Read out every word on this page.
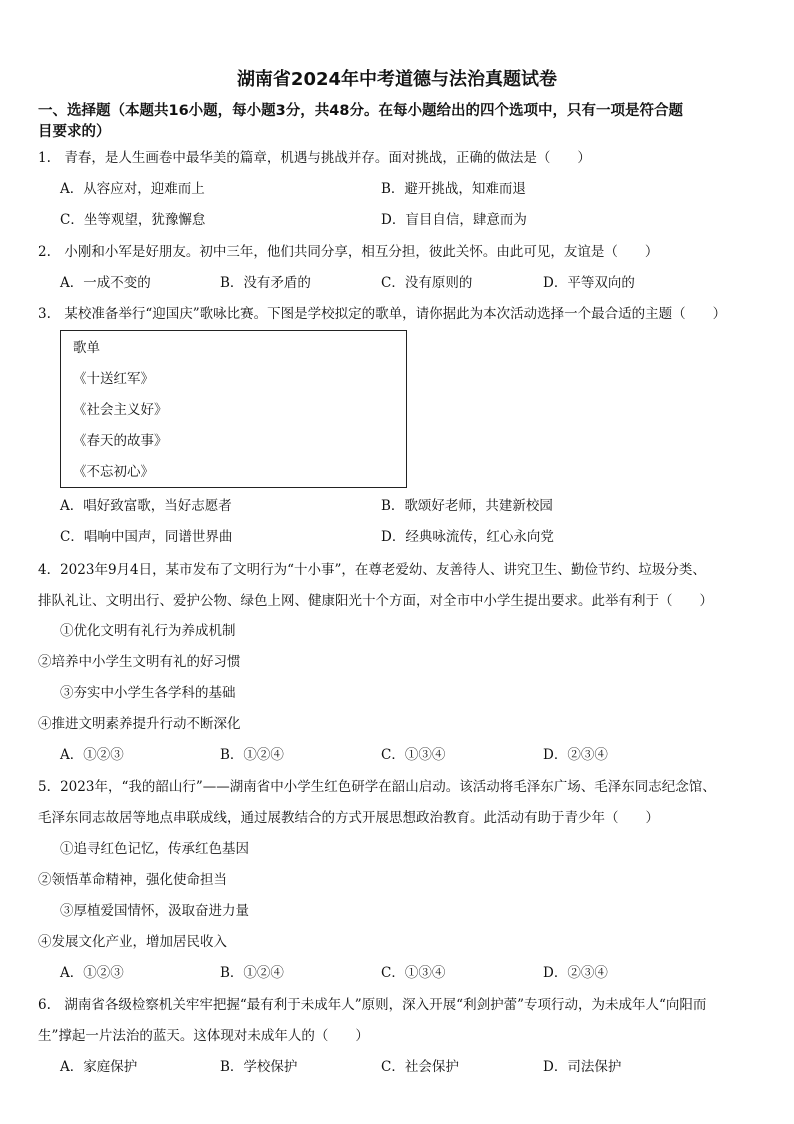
湖南省2024年中考道德与法治真题试卷
一、选择题（本题共16小题，每小题3分，共48分。在每小题给出的四个选项中，只有一项是符合题
目要求的）
1.　青春，是人生画卷中最华美的篇章，机遇与挑战并存。面对挑战，正确的做法是（　　）
A．从容应对，迎难而上	B．避开挑战，知难而退
C．坐等观望，犹豫懈怠	D．盲目自信，肆意而为
2.　小刚和小军是好朋友。初中三年，他们共同分享，相互分担，彼此关怀。由此可见，友谊是（　　）
A．一成不变的	B．没有矛盾的	C．没有原则的	D．平等双向的
3.　某校准备举行“迎国庆”歌咏比赛。下图是学校拟定的歌单，请你据此为本次活动选择一个最合适的主题（　　）
歌单
《十送红军》
《社会主义好》
《春天的故事》
《不忘初心》
A．唱好致富歌，当好志愿者	B．歌颂好老师，共建新校园
C．唱响中国声，同谱世界曲	D．经典咏流传，红心永向党
4．2023年9月4日，某市发布了文明行为“十小事”，在尊老爱幼、友善待人、讲究卫生、勤俭节约、垃圾分类、
排队礼让、文明出行、爱护公物、绿色上网、健康阳光十个方面，对全市中小学生提出要求。此举有利于（　　）
①优化文明有礼行为养成机制
②培养中小学生文明有礼的好习惯
③夯实中小学生各学科的基础
④推进文明素养提升行动不断深化
A．①②③	B．①②④	C．①③④	D．②③④
5．2023年，“我的韶山行”——湖南省中小学生红色研学在韶山启动。该活动将毛泽东广场、毛泽东同志纪念馆、
毛泽东同志故居等地点串联成线，通过展教结合的方式开展思想政治教育。此活动有助于青少年（　　）
①追寻红色记忆，传承红色基因
②领悟革命精神，强化使命担当
③厚植爱国情怀，汲取奋进力量
④发展文化产业，增加居民收入
A．①②③	B．①②④	C．①③④	D．②③④
6.　湖南省各级检察机关牢牢把握“最有利于未成年人”原则，深入开展“利剑护蕾”专项行动，为未成年人“向阳而
生”撑起一片法治的蓝天。这体现对未成年人的（　　）
A．家庭保护	B．学校保护	C．社会保护	D．司法保护
